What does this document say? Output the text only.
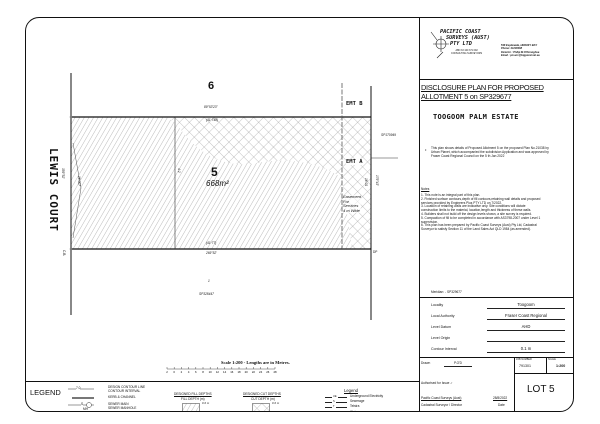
2 0 2 4 6 8 10 12 14 16 18 20 22 24 26 28
LEWIS COURT
6
5
668m²
89°53'23"
(41·748)
(41·77)
269°52'
359°52'
16·007
4·2
179°43'
16·01
EMT B
EMT A
Easement
For
Services
4 m Wide
SP170949
1
SP328447
C.B.	DP
Scale 1:200 - Lengths are in Metres.
LEGEND	7.0
S
MH
DESIGN CONTOUR LINE CONTOUR INTERVAL
KERB & CHANNEL
SEWER MAIN SEWER MANHOLE
DESIGNED FILL DEPTHS
FILL DEPTH (m)
0·0 m
DESIGNED CUT DEPTHS
CUT DEPTH (m)
0·0 m
Legend
UE	Underground Electricity
S	Sewerage
T	Telstra
Water
PACIFIC COAST
SURVEYS (AUST)
PTY LTD
ABN 33 100 371 092
CONSULTING SURVEYORS
538 Esplanade, HERVEY BAY
Phone: 41248488
Director : Philip M.O'Donoghue
Email : pcsurv@bigpond.net.au
DISCLOSURE PLAN FOR PROPOSED
ALLOTMENT 5 on SP329677
TOOGOOM PALM ESTATE
• This plan shows details of Proposed Allotment 5 on the proposed Plan No.21038 by Urban Planet, which accompanied the subdivision Application and was approved by Fraser Coast Regional Council on the 5 th Jan 2022
Notes
1. This note is an integral part of this plan.
2. Finished surface contours,depth of fill contours,retaining wall details and proposed services provided by Engineers Plus PTY LTD on 7/2022.
3. Location of retaining walls are indicative only. Site conditions will dictate construction limits to the material, location,length and thickness of these walls.
4. Builders shall not build off the design levels shown, a site survey is required.
5. Compaction of fill to be completed in accordance with AS3798-2007 under Level 1 supervision.
6. This plan has been prepared by Pacific Coast Surveys (Aust) Pty Ltd, Cadastral Surveyor to satisfy Section 11 of the Land Sales Act QLD 1984 (as amended).
Meridian: - SP329677
Locality	Toogoom
Local Authority	Fraser Coast Regional
Level Datum	AHD
Level Origin
Contour Interval	0.1 m
Drawn	P.O'D
JOB NUMBER
791301
SCALE
1:200
Authorised for Issue ✓
Pacific Coast Surveys (Aust)	28/8/2022
Cadastral Surveyor / Director	Date
LOT 5
